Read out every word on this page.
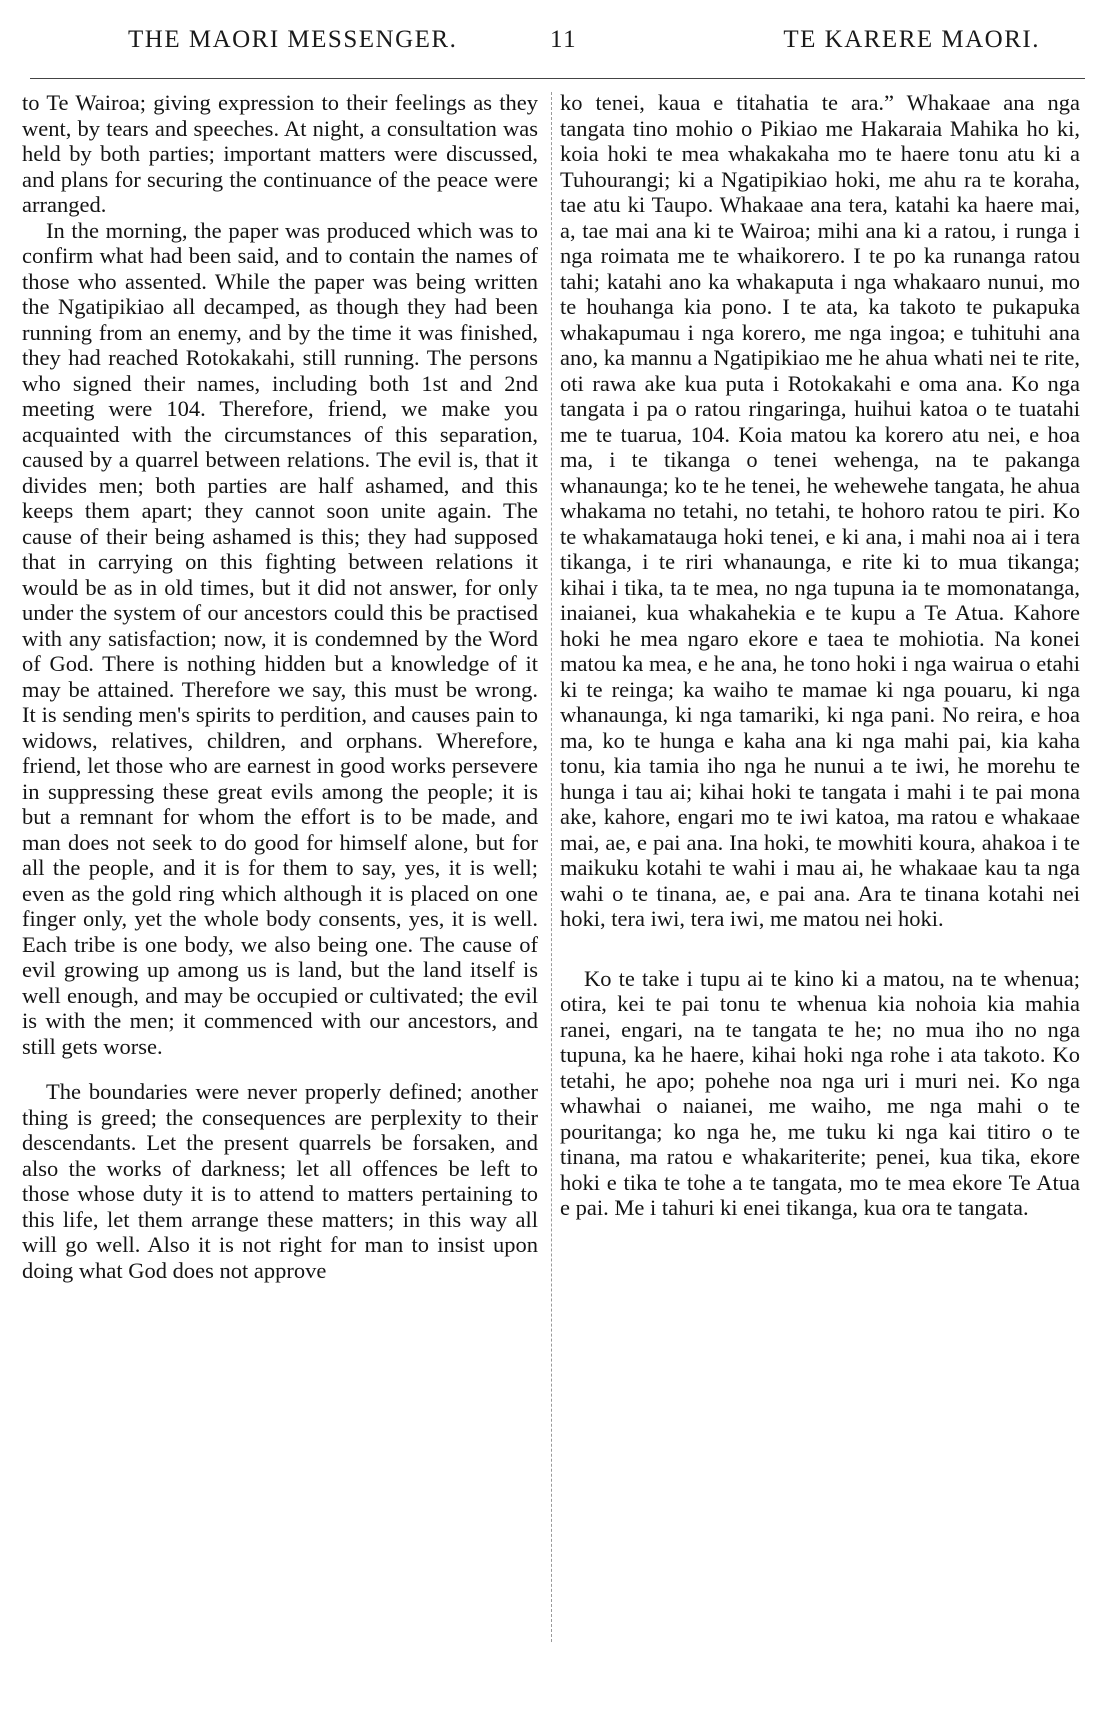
THE MAORI MESSENGER.	11	TE KARERE MAORI.

to Te Wairoa; giving expression to their feelings as they went, by tears and speeches. At night, a consultation was held by both parties; important matters were discussed, and plans for securing the continuance of the peace were arranged.

In the morning, the paper was produced which was to confirm what had been said, and to contain the names of those who assented. While the paper was being written the Ngatipikiao all decamped, as though they had been running from an enemy, and by the time it was finished, they had reached Rotokakahi, still running. The persons who signed their names, including both 1st and 2nd meeting were 104. Therefore, friend, we make you acquainted with the circumstances of this separation, caused by a quarrel between relations. The evil is, that it divides men; both parties are half ashamed, and this keeps them apart; they cannot soon unite again. The cause of their being ashamed is this; they had supposed that in carrying on this fighting between relations it would be as in old times, but it did not answer, for only under the system of our ancestors could this be practised with any satisfaction; now, it is condemned by the Word of God. There is nothing hidden but a knowledge of it may be attained. Therefore we say, this must be wrong. It is sending men's spirits to perdition, and causes pain to widows, relatives, children, and orphans. Wherefore, friend, let those who are earnest in good works persevere in suppressing these great evils among the people; it is but a remnant for whom the effort is to be made, and man does not seek to do good for himself alone, but for all the people, and it is for them to say, yes, it is well; even as the gold ring which although it is placed on one finger only, yet the whole body consents, yes, it is well. Each tribe is one body, we also being one. The cause of evil growing up among us is land, but the land itself is well enough, and may be occupied or cultivated; the evil is with the men; it commenced with our ancestors, and still gets worse.

The boundaries were never properly defined; another thing is greed; the consequences are perplexity to their descendants. Let the present quarrels be forsaken, and also the works of darkness; let all offences be left to those whose duty it is to attend to matters pertaining to this life, let them arrange these matters; in this way all will go well. Also it is not right for man to insist upon doing what God does not approve

ko tenei, kaua e titahatia te ara.” Whakaae ana nga tangata tino mohio o Pikiao me Hakaraia Mahika ho ki, koia hoki te mea whakakaha mo te haere tonu atu ki a Tuhourangi; ki a Ngatipikiao hoki, me ahu ra te koraha, tae atu ki Taupo. Whakaae ana tera, katahi ka haere mai, a, tae mai ana ki te Wairoa; mihi ana ki a ratou, i runga i nga roimata me te whaikorero. I te po ka runanga ratou tahi; katahi ano ka whakaputa i nga whakaaro nunui, mo te houhanga kia pono. I te ata, ka takoto te pukapuka whakapumau i nga korero, me nga ingoa; e tuhituhi ana ano, ka mannu a Ngatipikiao me he ahua whati nei te rite, oti rawa ake kua puta i Rotokakahi e oma ana. Ko nga tangata i pa o ratou ringaringa, huihui katoa o te tuatahi me te tuarua, 104. Koia matou ka korero atu nei, e hoa ma, i te tikanga o tenei wehenga, na te pakanga whanaunga; ko te he tenei, he wehewehe tangata, he ahua whakama no tetahi, no tetahi, te hohoro ratou te piri. Ko te whakamatauga hoki tenei, e ki ana, i mahi noa ai i tera tikanga, i te riri whanaunga, e rite ki to mua tikanga; kihai i tika, ta te mea, no nga tupuna ia te momonatanga, inaianei, kua whakahekia e te kupu a Te Atua. Kahore hoki he mea ngaro ekore e taea te mohiotia. Na konei matou ka mea, e he ana, he tono hoki i nga wairua o etahi ki te reinga; ka waiho te mamae ki nga pouaru, ki nga whanaunga, ki nga tamariki, ki nga pani. No reira, e hoa ma, ko te hunga e kaha ana ki nga mahi pai, kia kaha tonu, kia tamia iho nga he nunui a te iwi, he morehu te hunga i tau ai; kihai hoki te tangata i mahi i te pai mona ake, kahore, engari mo te iwi katoa, ma ratou e whakaae mai, ae, e pai ana. Ina hoki, te mowhiti koura, ahakoa i te maikuku kotahi te wahi i mau ai, he whakaae kau ta nga wahi o te tinana, ae, e pai ana. Ara te tinana kotahi nei hoki, tera iwi, tera iwi, me matou nei hoki.

Ko te take i tupu ai te kino ki a matou, na te whenua; otira, kei te pai tonu te whenua kia nohoia kia mahia ranei, engari, na te tangata te he; no mua iho no nga tupuna, ka he haere, kihai hoki nga rohe i ata takoto. Ko tetahi, he apo; pohehe noa nga uri i muri nei. Ko nga whawhai o naianei, me waiho, me nga mahi o te pouritanga; ko nga he, me tuku ki nga kai titiro o te tinana, ma ratou e whakariterite; penei, kua tika, ekore hoki e tika te tohe a te tangata, mo te mea ekore Te Atua e pai. Me i tahuri ki enei tikanga, kua ora te tangata.
